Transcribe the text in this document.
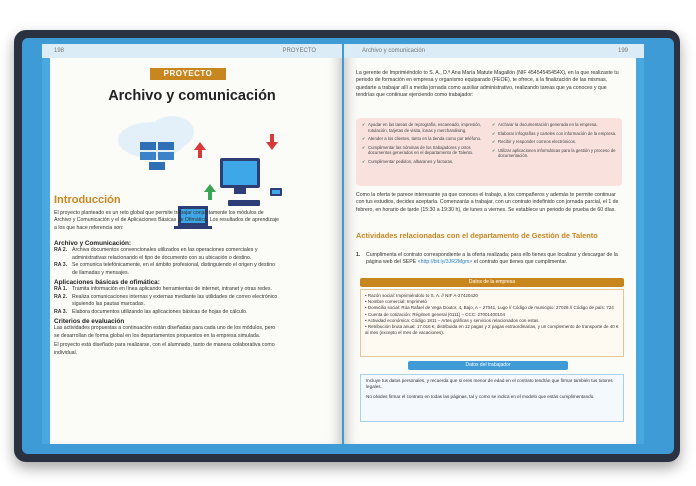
198	PROYECTO
PROYECTO
Archivo y comunicación
Introducción
El proyecto planteado es un reto global que permite trabajar conjuntamente los módulos de Archivo y Comunicación y el de Aplicaciones Básicas de Ofimática. Los resultados de aprendizaje a los que hace referencia son:
Archivo y Comunicación:
RA 2. Archiva documentos convencionales utilizados en las operaciones comerciales y administrativas relacionando el tipo de documento con su ubicación o destino.
RA 3. Se comunica telefónicamente, en el ámbito profesional, distinguiendo el origen y destino de llamadas y mensajes.
Aplicaciones básicas de ofimática:
RA 1. Tramita información en línea aplicando herramientas de internet, intranet y otras redes.
RA 2. Realiza comunicaciones internas y externas mediante las utilidades de correo electrónico siguiendo las pautas marcadas.
RA 3. Elabora documentos utilizando las aplicaciones básicas de hojas de cálculo.
Criterios de evaluación
Las actividades propuestas a continuación están diseñadas para cada uno de los módulos, pero se desarrollan de forma global en los departamentos propuestos en la empresa simulada.
El proyecto está diseñado para realizarse, con el alumnado, tanto de manera colaborativa como individual.
Archivo y comunicación	199
La gerente de Imprimiéndolo to S. A., D.ª Ana María Matute Magallón (NIF 45454545454X), en la que realizaste tu periodo de formación en empresa y organismo equiparado (FEOE), te ofrece, a la finalización de las mismas, quedarte a trabajar allí a media jornada como auxiliar administrativo, realizando tareas que ya conoces y que tendrías que continuar ejerciendo como trabajador:
✔ Ayudar en las tareas de reprografía, escaneado, impresión, rotulación, tarjetas de visita, lonas y merchandising.
✔ Atender a los clientes, tanto en la tienda como por teléfono.
✔ Cumplimentar las nóminas de los trabajadores y otros documentos generados en el departamento de Talento.
✔ Cumplimentar pedidos, albaranes y facturas.
✔ Archivar la documentación generada en la empresa.
✔ Elaborar infografías y carteles con información de la empresa.
✔ Recibir y responder correos electrónicos.
✔ Utilizar aplicaciones informáticas para la gestión y proceso de documentación.
Como la oferta te parece interesante ya que conoces el trabajo, a los compañeros y además te permite continuar con tus estudios, decides aceptarla. Comenzarás a trabajar, con un contrato indefinido con jornada parcial, el 1 de febrero, en horario de tarde (15:30 a 19:30 h), de lunes a viernes. Se establece un periodo de prueba de 60 días.
Actividades relacionadas con el departamento de Gestión de Talento
1.	Cumplimenta el contrato correspondiente a la oferta realizada; para ello tienes que localizar y descargar de la página web del SEPE <http://bit.ly/3JR2Mgm> el contrato que tienes que cumplimentar.
Datos de la empresa
• Razón social: Imprimiéndolo to S. A. // NIF A-27420420
• Nombre comercial: Imprimetó
• Domicilio social: Rúa Rafael de Vega Doutor, 4, Bajo, A – 27041, Lugo // Código de municipio: 27028 // Código de país: 724
• Cuenta de cotización: Régimen general (0111) – CCC: 27001400104
• Actividad económica: Código 1811 – Artes gráficas y servicios relacionados con estas.
• Retribución bruta anual: 17.016 €, distribuida en 12 pagas y 2 pagas extraordinarias, y un complemento de transporte de 40 € al mes (excepto el mes de vacaciones).
Datos del trabajador
Incluye tus datos personales, y recuerda que si eres menor de edad en el contrato tendrán que firmar también tus tutores legales.
No olvides firmar el contrato en todas las páginas, tal y como se indica en el modelo que estás cumplimentando.
